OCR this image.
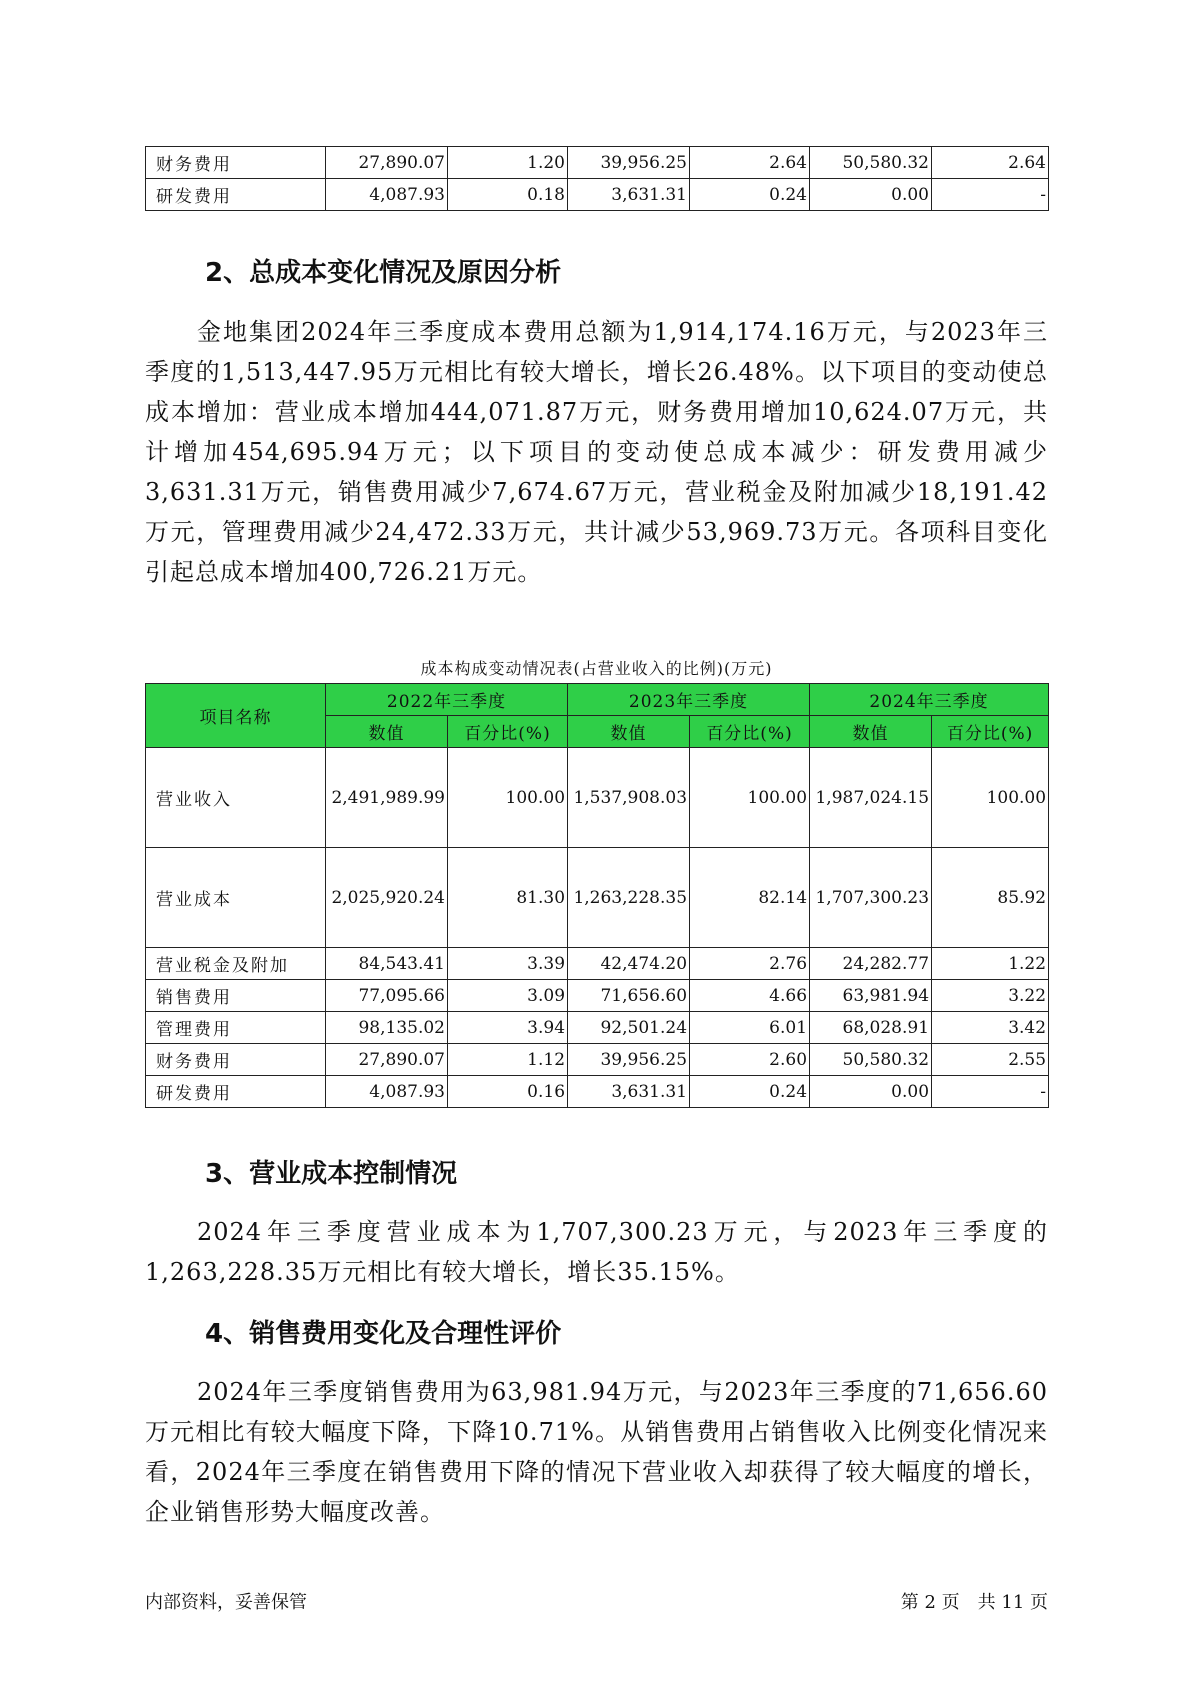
财务费用	27,890.07	1.20	39,956.25	2.64	50,580.32	2.64
研发费用	4,087.93	0.18	3,631.31	0.24	0.00	-
2、总成本变化情况及原因分析

金地集团2024年三季度成本费用总额为1,914,174.16万元，与2023年三季度的1,513,447.95万元相比有较大增长，增长26.48%。以下项目的变动使总成本增加：营业成本增加444,071.87万元，财务费用增加10,624.07万元，共计增加454,695.94万元；以下项目的变动使总成本减少：研发费用减少3,631.31万元，销售费用减少7,674.67万元，营业税金及附加减少18,191.42万元，管理费用减少24,472.33万元，共计减少53,969.73万元。各项科目变化引起总成本增加400,726.21万元。

成本构成变动情况表(占营业收入的比例)(万元)
项目名称	2022年三季度		2023年三季度		2024年三季度	
	数值	百分比(%)	数值	百分比(%)	数值	百分比(%)
营业收入	2,491,989.99	100.00	1,537,908.03	100.00	1,987,024.15	100.00
营业成本	2,025,920.24	81.30	1,263,228.35	82.14	1,707,300.23	85.92
营业税金及附加	84,543.41	3.39	42,474.20	2.76	24,282.77	1.22
销售费用	77,095.66	3.09	71,656.60	4.66	63,981.94	3.22
管理费用	98,135.02	3.94	92,501.24	6.01	68,028.91	3.42
财务费用	27,890.07	1.12	39,956.25	2.60	50,580.32	2.55
研发费用	4,087.93	0.16	3,631.31	0.24	0.00	-
3、营业成本控制情况

2024年三季度营业成本为1,707,300.23万元，与2023年三季度的1,263,228.35万元相比有较大增长，增长35.15%。

4、销售费用变化及合理性评价

2024年三季度销售费用为63,981.94万元，与2023年三季度的71,656.60万元相比有较大幅度下降，下降10.71%。从销售费用占销售收入比例变化情况来看，2024年三季度在销售费用下降的情况下营业收入却获得了较大幅度的增长，企业销售形势大幅度改善。

内部资料，妥善保管	第 2 页　共 11 页
